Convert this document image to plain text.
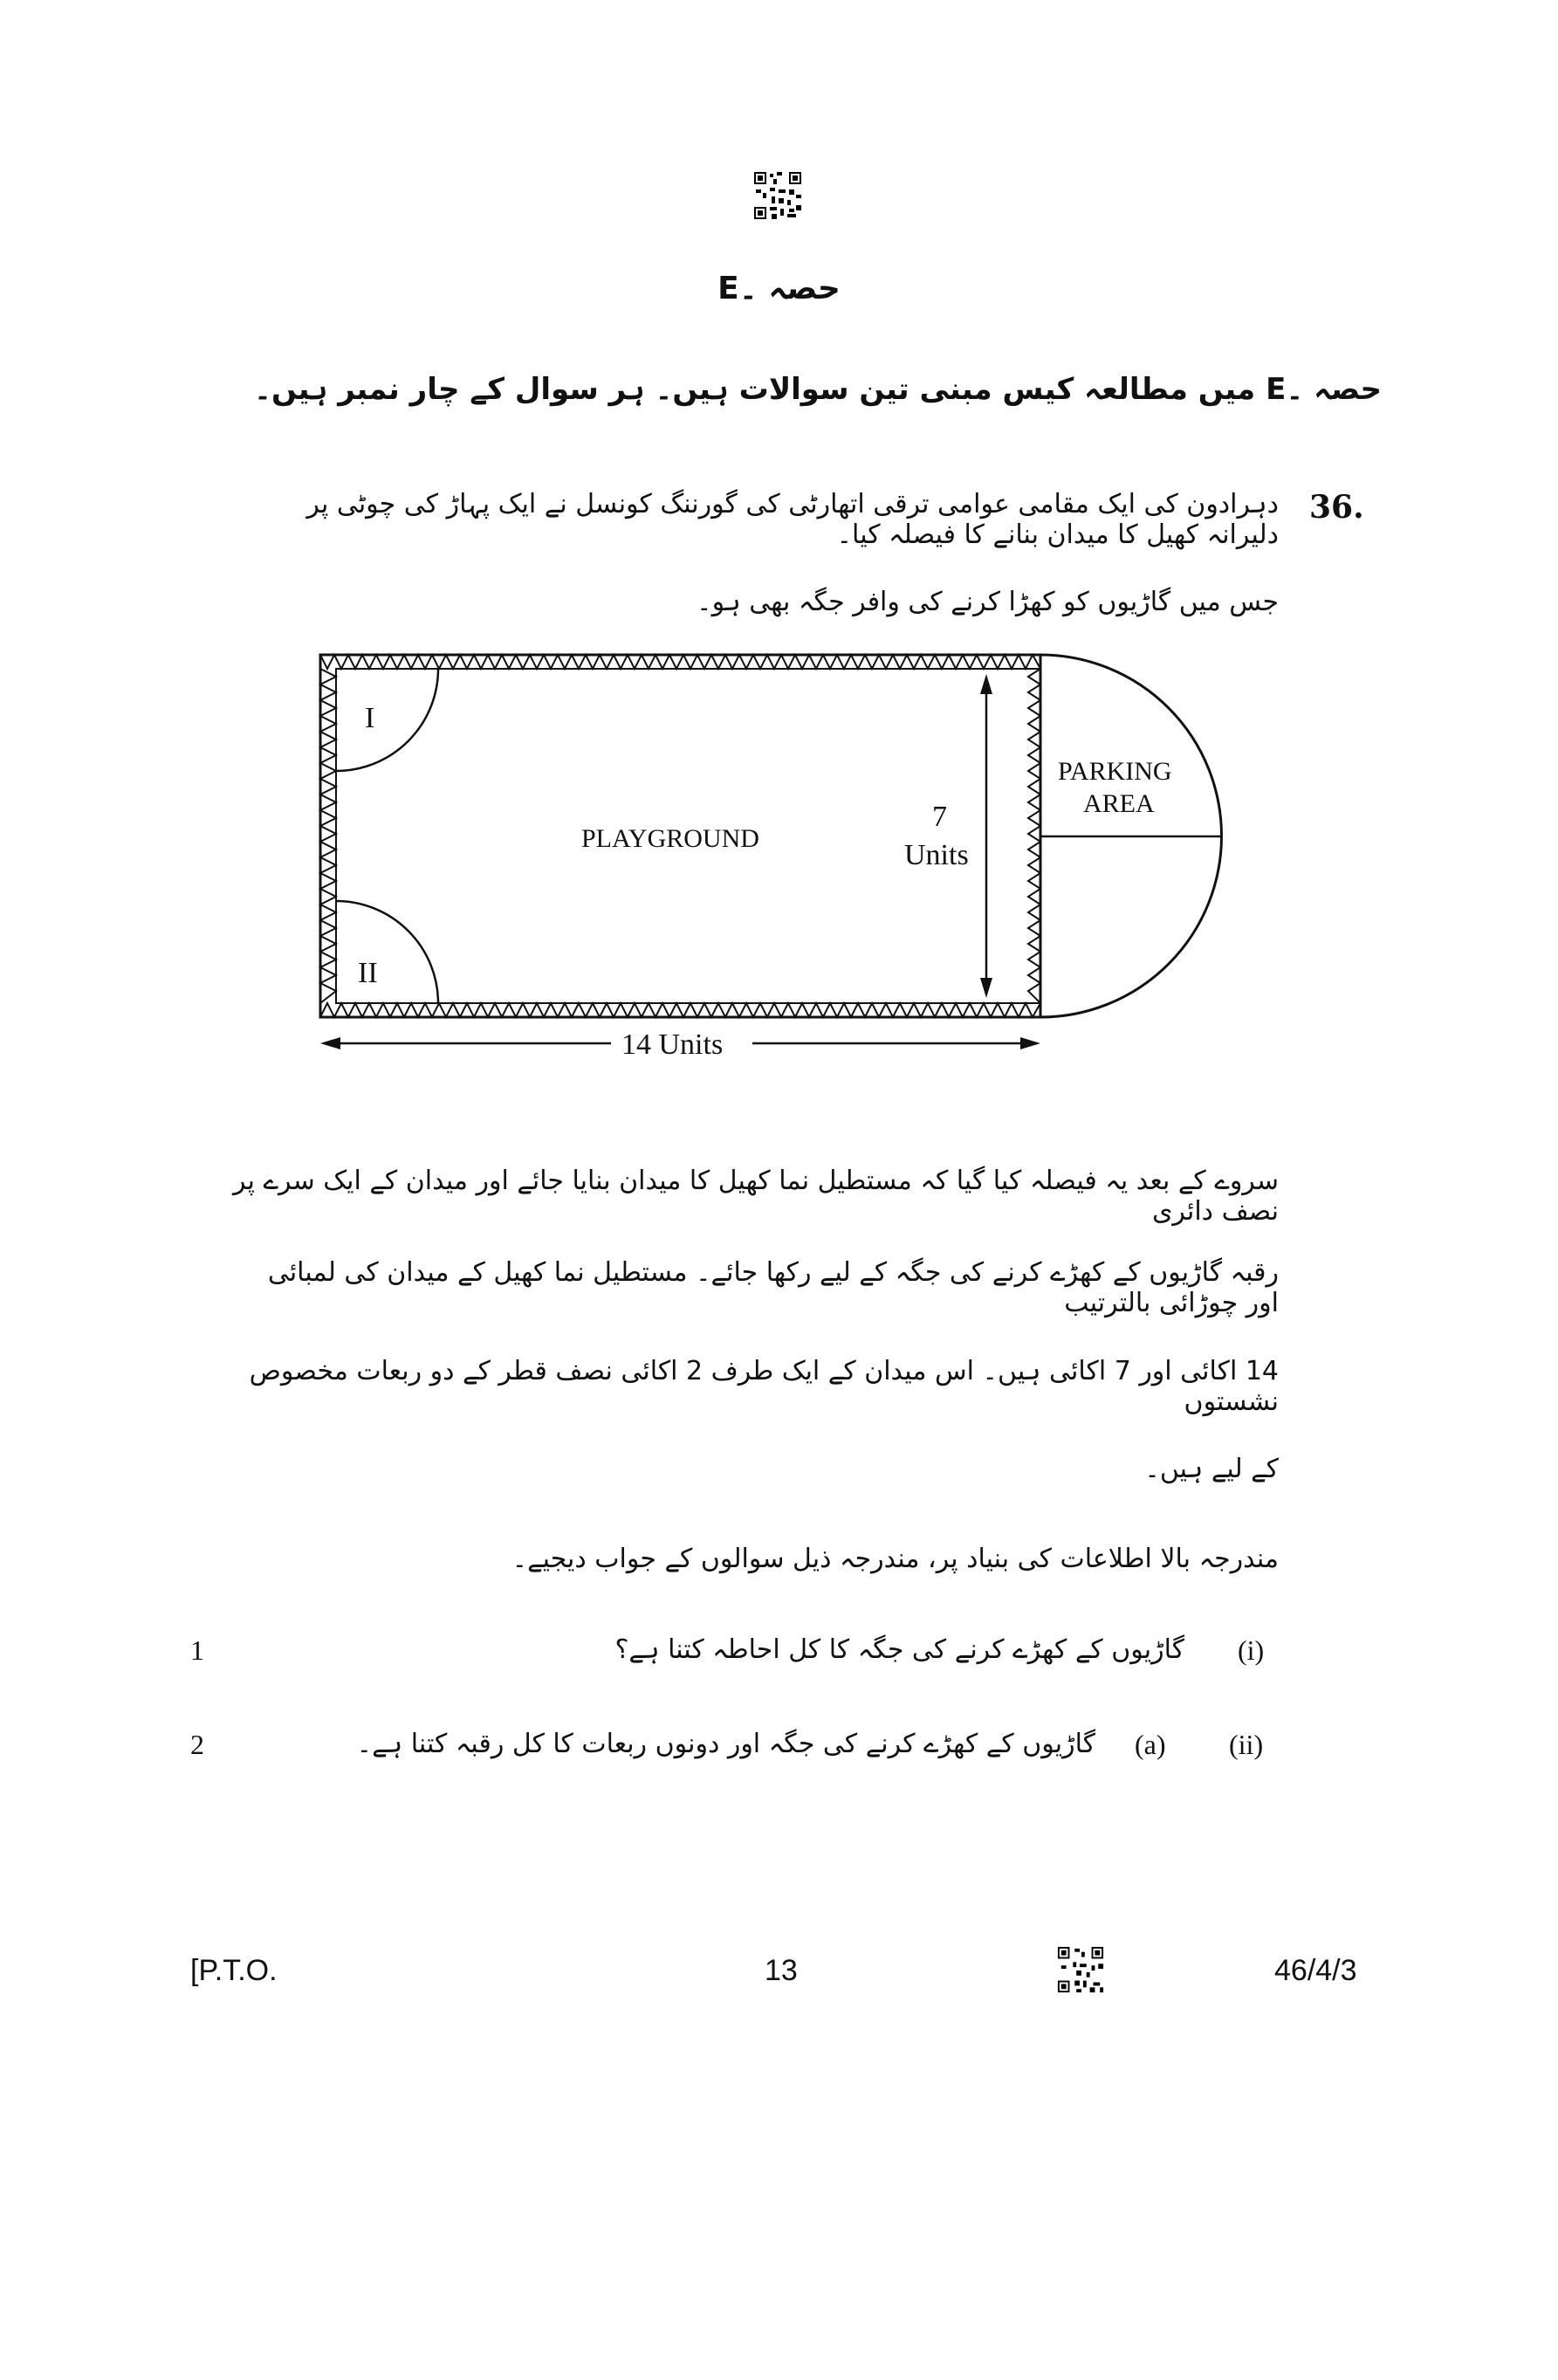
حصہ ۔E
حصہ ۔E میں مطالعہ کیس مبنی تین سوالات ہیں۔ ہر سوال کے چار نمبر ہیں۔
36.
دہرادون کی ایک مقامی عوامی ترقی اتھارٹی کی گورننگ کونسل نے ایک پہاڑ کی چوٹی پر دلیرانہ کھیل کا میدان بنانے کا فیصلہ کیا۔
جس میں گاڑیوں کو کھڑا کرنے کی وافر جگہ بھی ہو۔
I
II
PLAYGROUND
PARKING
AREA
7
Units
14 Units
سروے کے بعد یہ فیصلہ کیا گیا کہ مستطیل نما کھیل کا میدان بنایا جائے اور میدان کے ایک سرے پر نصف دائری
رقبہ گاڑیوں کے کھڑے کرنے کی جگہ کے لیے رکھا جائے۔ مستطیل نما کھیل کے میدان کی لمبائی اور چوڑائی بالترتیب
14 اکائی اور 7 اکائی ہیں۔ اس میدان کے ایک طرف 2 اکائی نصف قطر کے دو ربعات مخصوص نشستوں
کے لیے ہیں۔
مندرجہ بالا اطلاعات کی بنیاد پر، مندرجہ ذیل سوالوں کے جواب دیجیے۔
(i)
گاڑیوں کے کھڑے کرنے کی جگہ کا کل احاطہ کتنا ہے؟
1
(ii)
(a)
گاڑیوں کے کھڑے کرنے کی جگہ اور دونوں ربعات کا کل رقبہ کتنا ہے۔
2
[P.T.O.	13	46/4/3
